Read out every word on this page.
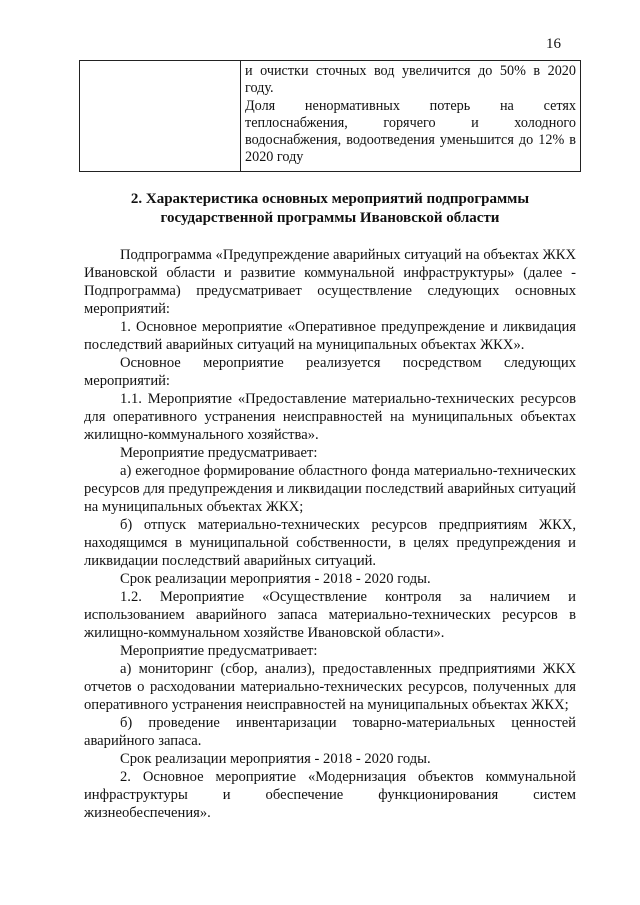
16

и очистки сточных вод увеличится до 50% в 2020 году.

Доля ненормативных потерь на сетях теплоснабжения, горячего и холодного водоснабжения, водоотведения уменьшится до 12% в 2020 году

2. Характеристика основных мероприятий подпрограммы
государственной программы Ивановской области

Подпрограмма «Предупреждение аварийных ситуаций на объектах ЖКХ Ивановской области и развитие коммунальной инфраструктуры» (далее - Подпрограмма) предусматривает осуществление следующих основных мероприятий:

1. Основное мероприятие «Оперативное предупреждение и ликвидация последствий аварийных ситуаций на муниципальных объектах ЖКХ».

Основное мероприятие реализуется посредством следующих мероприятий:

1.1. Мероприятие «Предоставление материально-технических ресурсов для оперативного устранения неисправностей на муниципальных объектах жилищно-коммунального хозяйства».

Мероприятие предусматривает:

а) ежегодное формирование областного фонда материально-технических ресурсов для предупреждения и ликвидации последствий аварийных ситуаций на муниципальных объектах ЖКХ;

б) отпуск материально-технических ресурсов предприятиям ЖКХ, находящимся в муниципальной собственности, в целях предупреждения и ликвидации последствий аварийных ситуаций.

Срок реализации мероприятия - 2018 - 2020 годы.

1.2. Мероприятие «Осуществление контроля за наличием и использованием аварийного запаса материально-технических ресурсов в жилищно-коммунальном хозяйстве Ивановской области».

Мероприятие предусматривает:

а) мониторинг (сбор, анализ), предоставленных предприятиями ЖКХ отчетов о расходовании материально-технических ресурсов, полученных для оперативного устранения неисправностей на муниципальных объектах ЖКХ;

б) проведение инвентаризации товарно-материальных ценностей аварийного запаса.

Срок реализации мероприятия - 2018 - 2020 годы.

2. Основное мероприятие «Модернизация объектов коммунальной инфраструктуры и обеспечение функционирования систем жизнеобеспечения».
